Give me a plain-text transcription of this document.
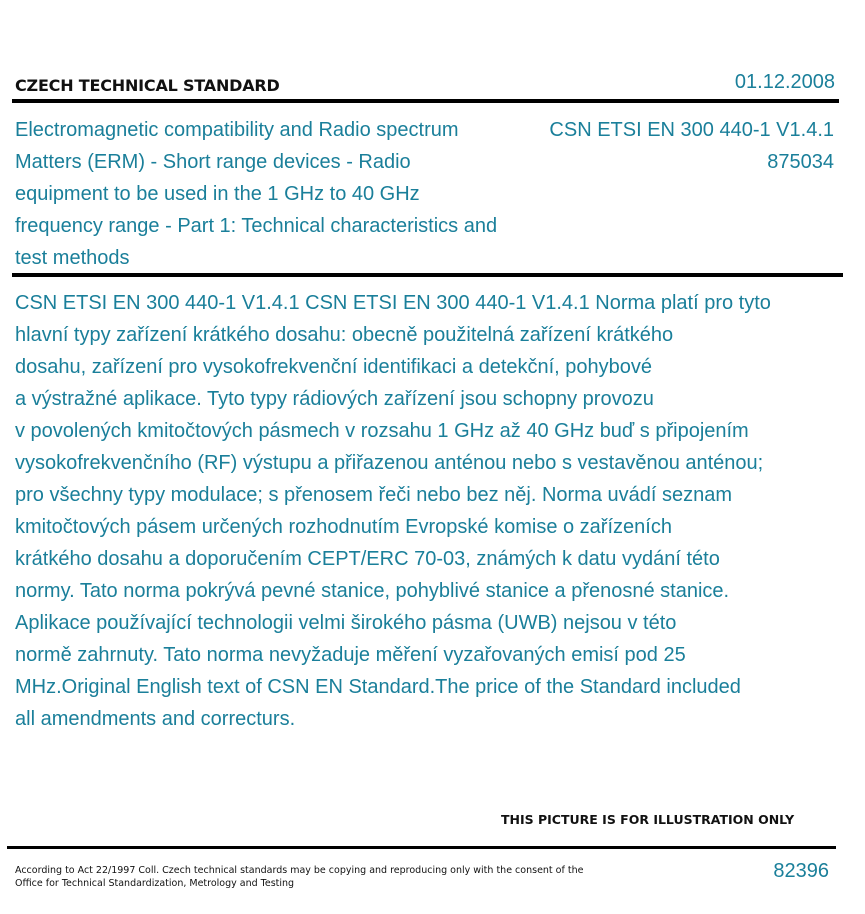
CZECH TECHNICAL STANDARD	01.12.2008
Electromagnetic compatibility and Radio spectrum Matters (ERM) - Short range devices - Radio equipment to be used in the 1 GHz to 40 GHz frequency range - Part 1: Technical characteristics and test methods
CSN ETSI EN 300 440-1 V1.4.1
875034
CSN ETSI EN 300 440-1 V1.4.1 CSN ETSI EN 300 440-1 V1.4.1 Norma platí pro tyto
hlavní typy zařízení krátkého dosahu: obecně použitelná zařízení krátkého
dosahu, zařízení pro vysokofrekvenční identifikaci a detekční, pohybové
a výstražné aplikace. Tyto typy rádiových zařízení jsou schopny provozu
v povolených kmitočtových pásmech v rozsahu 1 GHz až 40 GHz buď s připojením
vysokofrekvenčního (RF) výstupu a přiřazenou anténou nebo s vestavěnou anténou;
pro všechny typy modulace; s přenosem řeči nebo bez něj. Norma uvádí seznam
kmitočtových pásem určených rozhodnutím Evropské komise o zařízeních
krátkého dosahu a doporučením CEPT/ERC 70-03, známých k datu vydání této
normy. Tato norma pokrývá pevné stanice, pohyblivé stanice a přenosné stanice.
Aplikace používající technologii velmi širokého pásma (UWB) nejsou v této
normě zahrnuty. Tato norma nevyžaduje měření vyzařovaných emisí pod 25
MHz.Original English text of CSN EN Standard.The price of the Standard included
all amendments and correcturs.
THIS PICTURE IS FOR ILLUSTRATION ONLY
According to Act 22/1997 Coll. Czech technical standards may be copying and reproducing only with the consent of the Office for Technical Standardization, Metrology and Testing
82396
